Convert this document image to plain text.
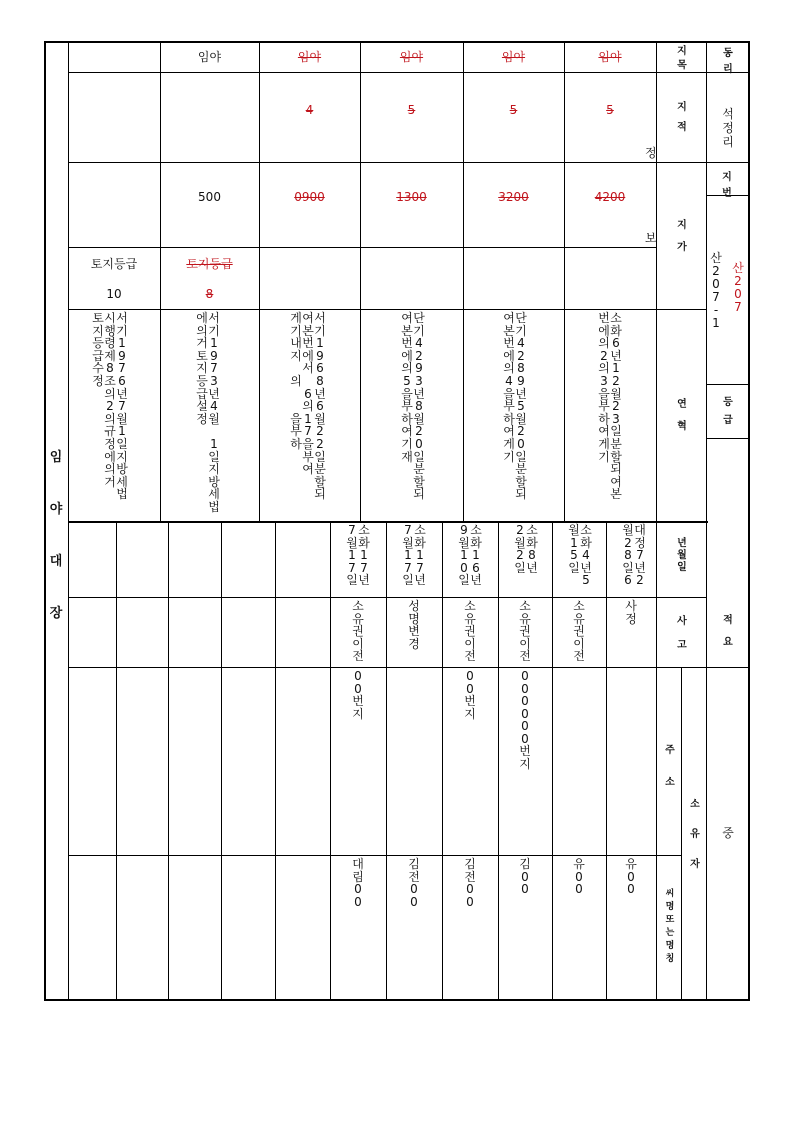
임
야
대
장
동
리
석
정
리
지
번
산
2
0
7
-
1
산
2
0
7
등
급
지
목
지
적
정
지
가
보
연
혁
년
월
일
사
고
적
요
주
소
소
유
자
씨
명
또
는
명
칭
중
토지등급
10
서
기
1
9
7
6
년
7
월
1
일
지
방
세
법
시
행
령
제
8
조
의
2
의
규
정
에
의
거
토
지
등
급
수
정
임야
500
토지등급
8
서
기
1
9
7
3
년
4
월

1
일
지
방
세
법
에
의
거
토
지
등
급
설
정
임야
4
0900
서
기
1
9
6
8
년
6
월
2
2
일
분
할
되
여
본
번
에
서

6
의
1
7
을
부
여
게
기
내
지

의

을
부
하
임야
5
1300
단
기
4
2
9
3
년
8
월
2
0
일
분
할
되
여
본
번
에
의
5
을
부
하
여
기
재
임야
5
3200
단
기
4
2
8
9
년
5
월
2
0
일
분
할
되
여
본
번
에
의
4
을
부
하
여
게
기
임야
5
4200
소
화
6
년
1
2
월
2
3
일
분
할
되
여
본
번
에
의
2
의
3
을
부
하
여
게
기
소
화
1
7
년
7
월
1
7
일
소
유
권
이
전
0
0
번
지
대
림
0
0
소
화
1
7
년
7
월
1
7
일
성
명
변
경
김
전
0
0
소
화
1
6
년
9
월
1
0
일
소
유
권
이
전
0
0
번
지
김
전
0
0
소
화
8
년
2
월
2
일
소
유
권
이
전
0
0
0
0
0
0
번
지
김
0
0
소
화
4
년
5
월
1
5
일
소
유
권
이
전
유
0
0
대
정
7
년
2
월
2
8
일
6
사
정
유
0
0
